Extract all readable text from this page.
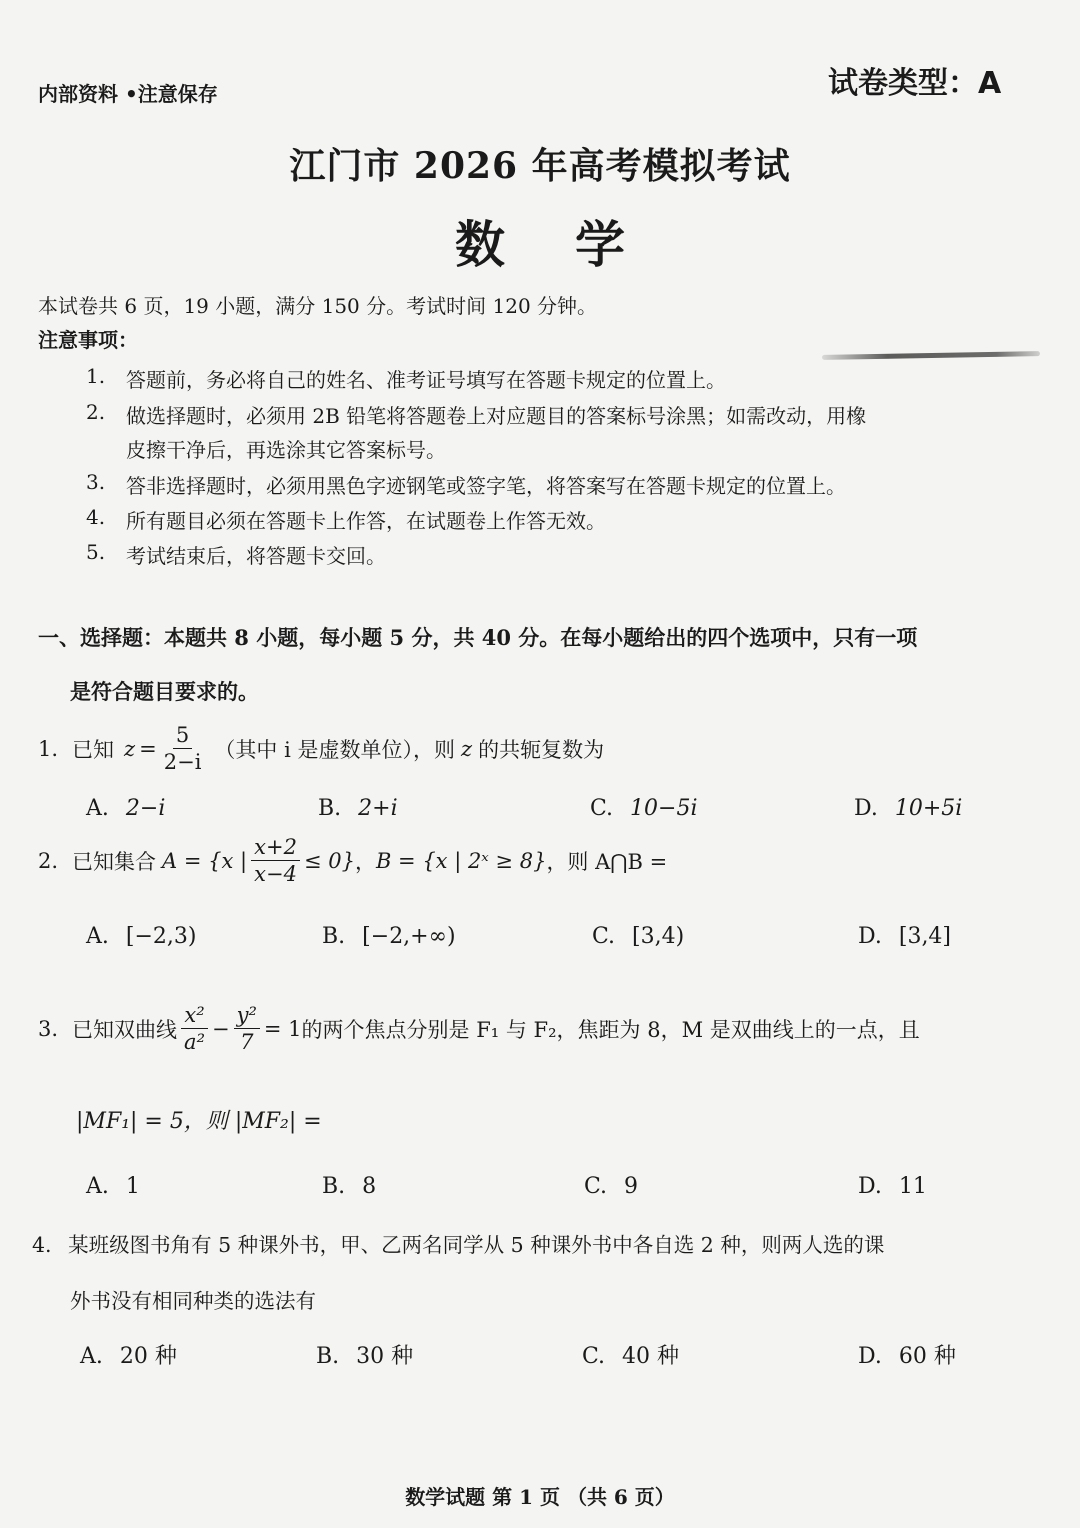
内部资料 •注意保存	试卷类型：A
江门市 2026 年高考模拟考试
数 学
本试卷共 6 页，19 小题，满分 150 分。考试时间 120 分钟。
注意事项：
1. 答题前，务必将自己的姓名、准考证号填写在答题卡规定的位置上。
2. 做选择题时，必须用 2B 铅笔将答题卷上对应题目的答案标号涂黑；如需改动，用橡
皮擦干净后，再选涂其它答案标号。
3. 答非选择题时，必须用黑色字迹钢笔或签字笔，将答案写在答题卡规定的位置上。
4. 所有题目必须在答题卡上作答，在试题卷上作答无效。
5. 考试结束后，将答题卡交回。
一、选择题：本题共 8 小题，每小题 5 分，共 40 分。在每小题给出的四个选项中，只有一项
是符合题目要求的。
1. 已知 $z = \frac{5}{2-i}$ （其中 i 是虚数单位），则 z 的共轭复数为
A. 2−i	B. 2+i	C. 10−5i	D. 10+5i
2. 已知集合 A = {x | $\frac{x+2}{x-4} \le 0$} ， B = {x | 2ˣ ≥ 8} ，则 A⋂B =
A. [−2,3)	B. [−2,+∞)	C. [3,4)	D. [3,4]
3. 已知双曲线 $\frac{\text{x²}}{\text{a²}} - \frac{\text{y²}}{7} = 1$ 的两个焦点分别是 F₁ 与 F₂，焦距为 8，M 是双曲线上的一点，且
|MF₁| = 5，则 |MF₂| =
A. 1	B. 8	C. 9	D. 11
4. 某班级图书角有 5 种课外书，甲、乙两名同学从 5 种课外书中各自选 2 种，则两人选的课
外书没有相同种类的选法有
A. 20 种	B. 30 种	C. 40 种	D. 60 种
数学试题 第 1 页 （共 6 页）
